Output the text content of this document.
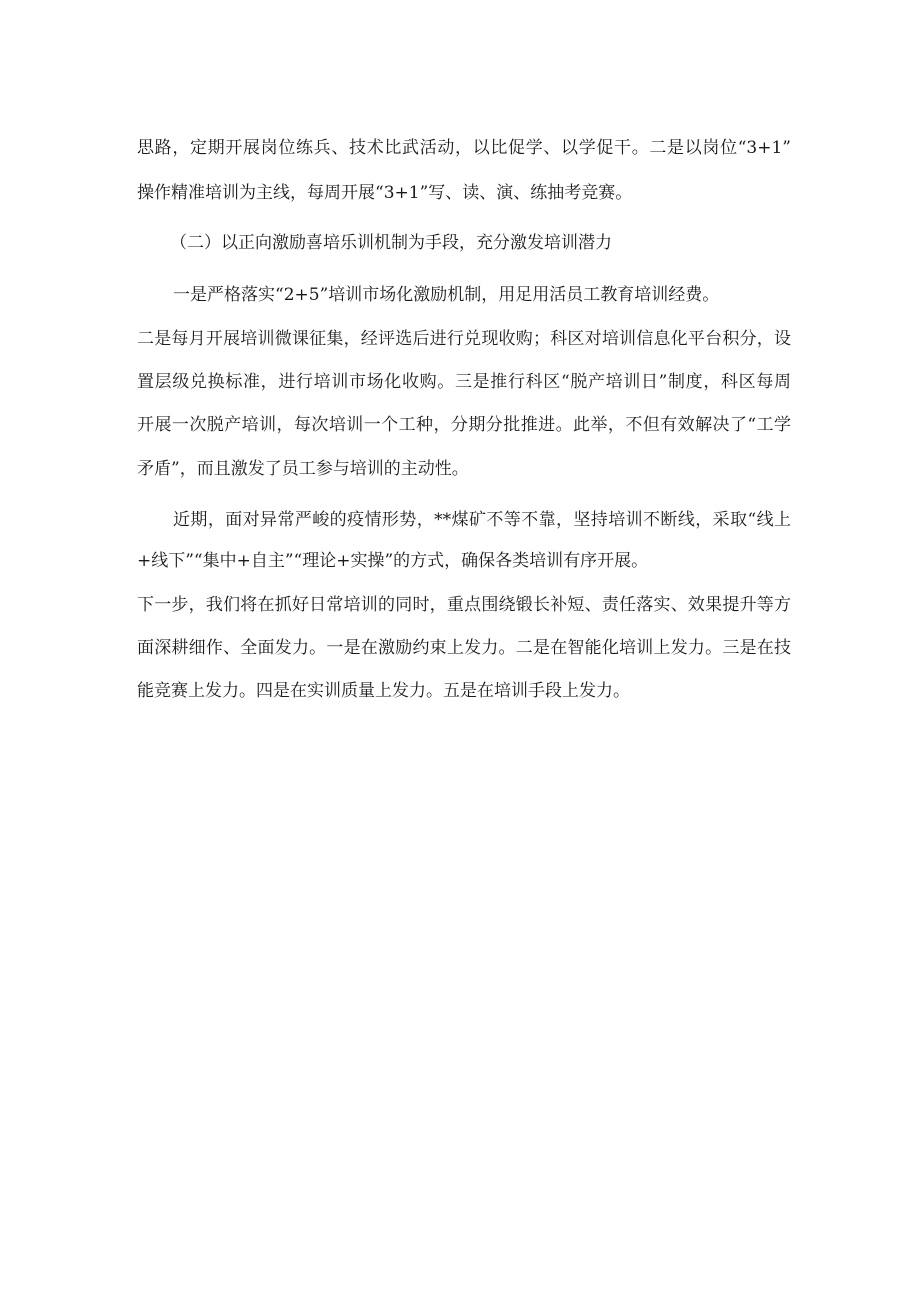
思路，定期开展岗位练兵、技术比武活动，以比促学、以学促干。二是以岗位“3+1”
操作精准培训为主线，每周开展“3+1”写、读、演、练抽考竞赛。
（二）以正向激励喜培乐训机制为手段，充分激发培训潜力
一是严格落实“2+5”培训市场化激励机制，用足用活员工教育培训经费。
二是每月开展培训微课征集，经评选后进行兑现收购；科区对培训信息化平台积分，设
置层级兑换标准，进行培训市场化收购。三是推行科区“脱产培训日”制度，科区每周
开展一次脱产培训，每次培训一个工种，分期分批推进。此举，不但有效解决了“工学
矛盾”，而且激发了员工参与培训的主动性。
近期，面对异常严峻的疫情形势，**煤矿不等不靠，坚持培训不断线，采取“线上
+线下”“集中+自主”“理论+实操”的方式，确保各类培训有序开展。
下一步，我们将在抓好日常培训的同时，重点围绕锻长补短、责任落实、效果提升等方
面深耕细作、全面发力。一是在激励约束上发力。二是在智能化培训上发力。三是在技
能竞赛上发力。四是在实训质量上发力。五是在培训手段上发力。
